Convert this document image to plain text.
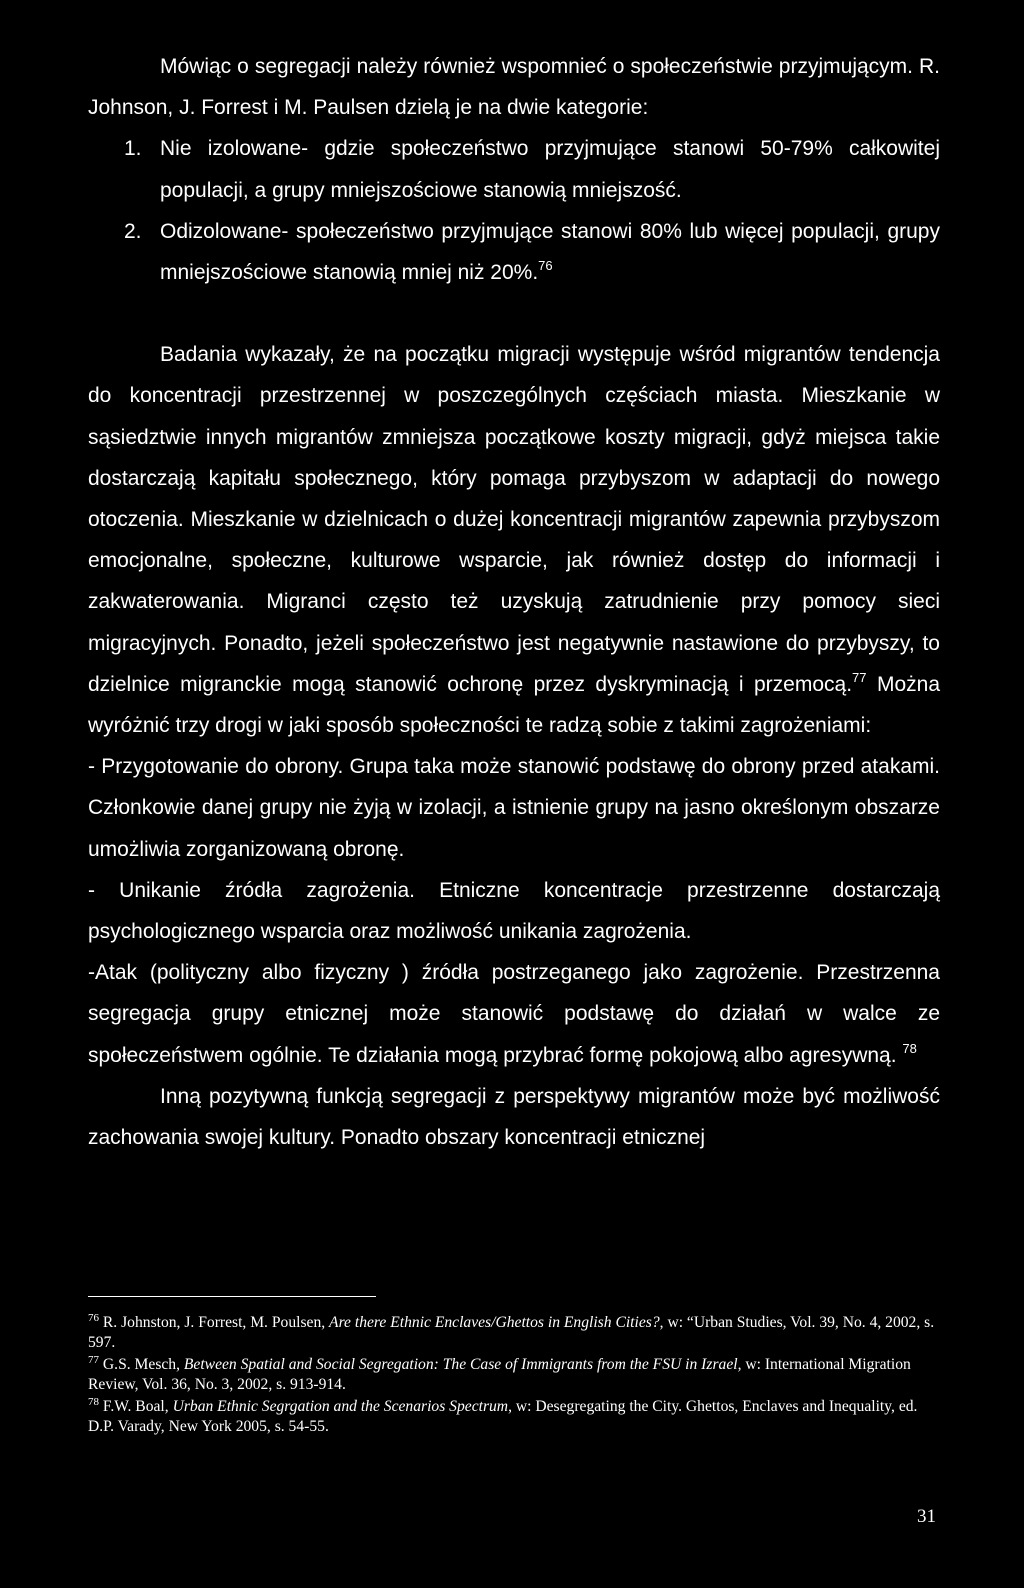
Mówiąc o segregacji należy również wspomnieć o społeczeństwie przyjmującym. R. Johnson, J. Forrest i M. Paulsen dzielą je na dwie kategorie:

1. Nie izolowane- gdzie społeczeństwo przyjmujące stanowi 50-79% całkowitej populacji, a grupy mniejszościowe stanowią mniejszość.
2. Odizolowane- społeczeństwo przyjmujące stanowi 80% lub więcej populacji, grupy mniejszościowe stanowią mniej niż 20%.$^{76}$

Badania wykazały, że na początku migracji występuje wśród migrantów tendencja do koncentracji przestrzennej w poszczególnych częściach miasta. Mieszkanie w sąsiedztwie innych migrantów zmniejsza początkowe koszty migracji, gdyż miejsca takie dostarczają kapitału społecznego, który pomaga przybyszom w adaptacji do nowego otoczenia. Mieszkanie w dzielnicach o dużej koncentracji migrantów zapewnia przybyszom emocjonalne, społeczne, kulturowe wsparcie, jak również dostęp do informacji i zakwaterowania. Migranci często też uzyskują zatrudnienie przy pomocy sieci migracyjnych. Ponadto, jeżeli społeczeństwo jest negatywnie nastawione do przybyszy, to dzielnice migranckie mogą stanowić ochronę przez dyskryminacją i przemocą.$^{77}$ Można wyróżnić trzy drogi w jaki sposób społeczności te radzą sobie z takimi zagrożeniami:

- Przygotowanie do obrony. Grupa taka może stanowić podstawę do obrony przed atakami. Członkowie danej grupy nie żyją w izolacji, a istnienie grupy na jasno określonym obszarze umożliwia zorganizowaną obronę.

- Unikanie źródła zagrożenia. Etniczne koncentracje przestrzenne dostarczają psychologicznego wsparcia oraz możliwość unikania zagrożenia.

-Atak (polityczny albo fizyczny ) źródła postrzeganego jako zagrożenie. Przestrzenna segregacja grupy etnicznej może stanowić podstawę do działań w walce ze społeczeństwem ogólnie. Te działania mogą przybrać formę pokojową albo agresywną. $^{78}$

Inną pozytywną funkcją segregacji z perspektywy migrantów może być możliwość zachowania swojej kultury. Ponadto obszary koncentracji etnicznej

$^{76}$ R. Johnston, J. Forrest, M. Poulsen, Are there Ethnic Enclaves/Ghettos in English Cities?, w: “Urban Studies, Vol. 39, No. 4, 2002, s. 597.

$^{77}$ G.S. Mesch, Between Spatial and Social Segregation: The Case of Immigrants from the FSU in Izrael, w: International Migration Review, Vol. 36, No. 3, 2002, s. 913-914.

$^{78}$ F.W. Boal, Urban Ethnic Segrgation and the Scenarios Spectrum, w: Desegregating the City. Ghettos, Enclaves and Inequality, ed. D.P. Varady, New York 2005, s. 54-55.

31
